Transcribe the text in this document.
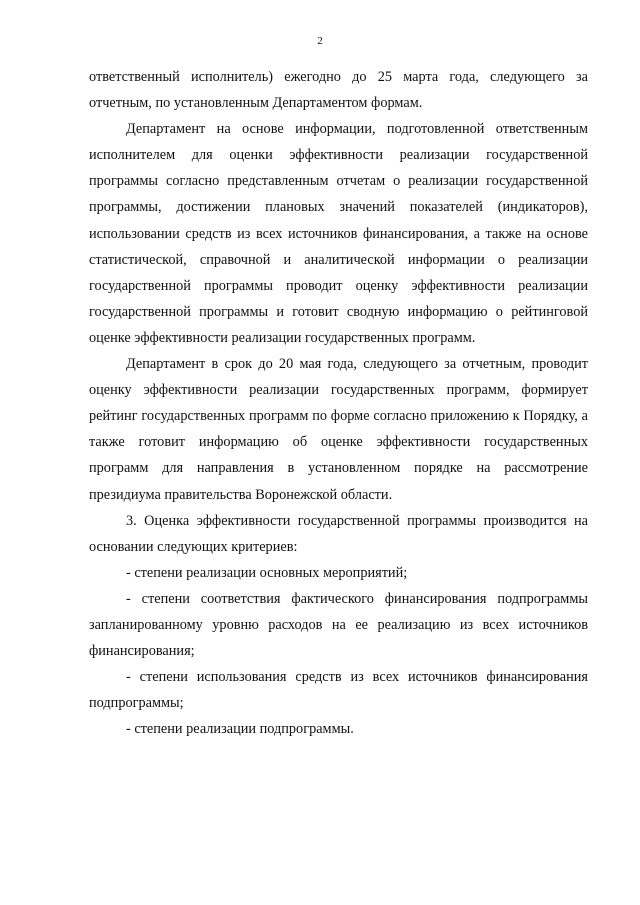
2

ответственный исполнитель) ежегодно до 25 марта года, следующего за отчетным, по установленным Департаментом формам.

Департамент на основе информации, подготовленной ответственным исполнителем для оценки эффективности реализации государственной программы согласно представленным отчетам о реализации государственной программы, достижении плановых значений показателей (индикаторов), использовании средств из всех источников финансирования, а также на основе статистической, справочной и аналитической информации о реализации государственной программы проводит оценку эффективности реализации государственной программы и готовит сводную информацию о рейтинговой оценке эффективности реализации государственных программ.

Департамент в срок до 20 мая года, следующего за отчетным, проводит оценку эффективности реализации государственных программ, формирует рейтинг государственных программ по форме согласно приложению к Порядку, а также готовит информацию об оценке эффективности государственных программ для направления в установленном порядке на рассмотрение президиума правительства Воронежской области.

3. Оценка эффективности государственной программы производится на основании следующих критериев:

- степени реализации основных мероприятий;

- степени соответствия фактического финансирования подпрограммы запланированному уровню расходов на ее реализацию из всех источников финансирования;

- степени использования средств из всех источников финансирования подпрограммы;

- степени реализации подпрограммы.
